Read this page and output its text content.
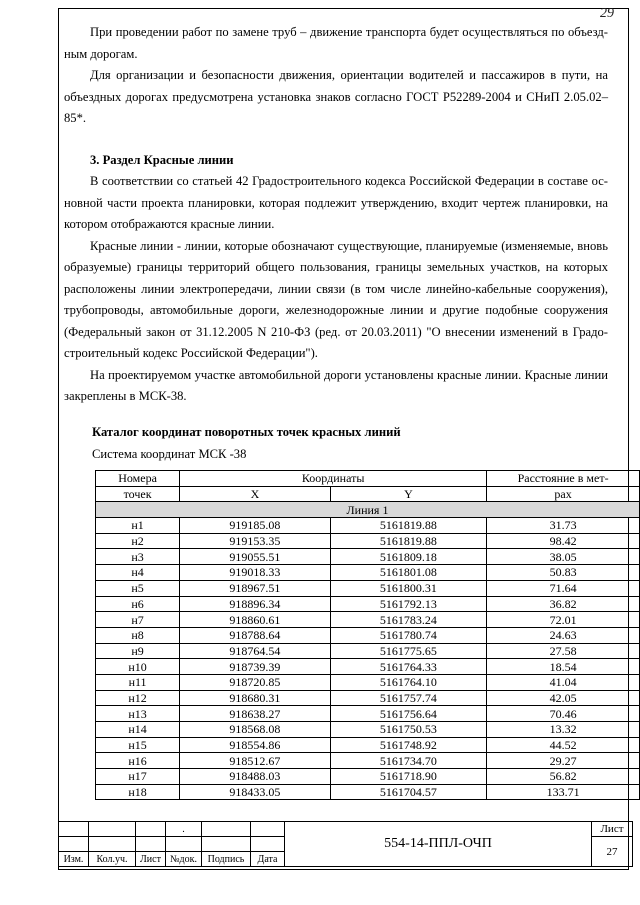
29

При проведении работ по замене труб – движение транспорта будет осуществляться по объездным дорогам.

Для организации и безопасности движения, ориентации водителей и пассажиров в пути, на объездных дорогах предусмотрена установка знаков согласно ГОСТ Р52289-2004 и СНиП 2.05.02–85*.

3. Раздел Красные линии

В соответствии со статьей 42 Градостроительного кодекса Российской Федерации в составе основной части проекта планировки, которая подлежит утверждению, входит чертеж планировки, на котором отображаются красные линии.

Красные линии - линии, которые обозначают существующие, планируемые (изменяемые, вновь образуемые) границы территорий общего пользования, границы земельных участков, на которых расположены линии электропередачи, линии связи (в том числе линейно-кабельные сооружения), трубопроводы, автомобильные дороги, железнодорожные линии и другие подобные сооружения (Федеральный закон от 31.12.2005 N 210-ФЗ (ред. от 20.03.2011) "О внесении изменений в Градостроительный кодекс Российской Федерации").

На проектируемом участке автомобильной дороги установлены красные линии. Красные линии закреплены в МСК-38.

Каталог координат поворотных точек красных линий
Система координат МСК -38
Номера	Координаты		Расстояние в мет-
точек	X	Y	рах
Линия 1			
н1	919185.08	5161819.88	31.73
н2	919153.35	5161819.88	98.42
н3	919055.51	5161809.18	38.05
н4	919018.33	5161801.08	50.83
н5	918967.51	5161800.31	71.64
н6	918896.34	5161792.13	36.82
н7	918860.61	5161783.24	72.01
н8	918788.64	5161780.74	24.63
н9	918764.54	5161775.65	27.58
н10	918739.39	5161764.33	18.54
н11	918720.85	5161764.10	41.04
н12	918680.31	5161757.74	42.05
н13	918638.27	5161756.64	70.46
н14	918568.08	5161750.53	13.32
н15	918554.86	5161748.92	44.52
н16	918512.67	5161734.70	29.27
н17	918488.03	5161718.90	56.82
н18	918433.05	5161704.57	133.71
			.			554-14-ППЛ-ОЧП	Лист
							27
Изм.	Кол.уч.	Лист	№док.	Подпись	Дата		
